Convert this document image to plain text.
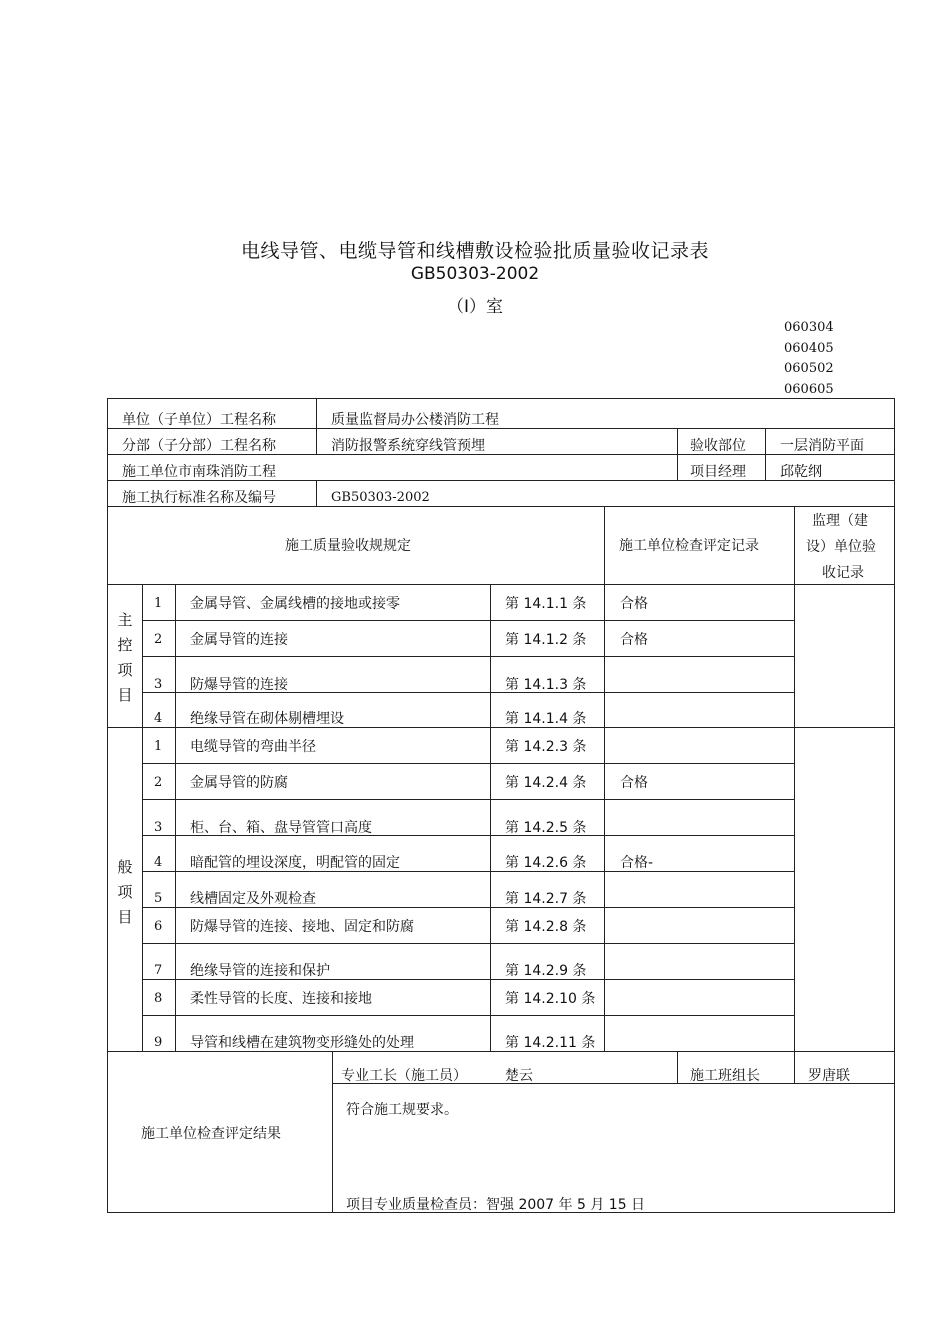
电线导管、电缆导管和线槽敷设检验批质量验收记录表
GB50303-2002
（I）室
060304
060405
060502
060605
单位（子单位）工程名称	质量监督局办公楼消防工程
分部（子分部）工程名称	消防报警系统穿线管预埋	验收部位 一层消防平面
施工单位市南珠消防工程	项目经理 邱乾纲
施工执行标准名称及编号	GB50303-2002
施工质量验收规规定	施工单位检查评定记录
监理（建
设）单位验
收记录
主
控
项
目
1 金属导管、金属线槽的接地或接零	第 14.1.1 条 合格
2 金属导管的连接	第 14.1.2 条 合格
3 防爆导管的连接	第 14.1.3 条
4 绝缘导管在砌体剔槽埋设	第 14.1.4 条
般
项
目
1 电缆导管的弯曲半径	第 14.2.3 条
2 金属导管的防腐	第 14.2.4 条 合格
3 柜、台、箱、盘导管管口高度	第 14.2.5 条
4 暗配管的埋设深度，明配管的固定	第 14.2.6 条 合格-
5 线槽固定及外观检查	第 14.2.7 条
6 防爆导管的连接、接地、固定和防腐	第 14.2.8 条
7 绝缘导管的连接和保护	第 14.2.9 条
8 柔性导管的长度、连接和接地	第 14.2.10 条
9 导管和线槽在建筑物变形缝处的处理	第 14.2.11 条
施工单位检查评定结果
专业工长（施工员）	楚云	施工班组长	罗唐联
符合施工规要求。
项目专业质量检查员：智强 2007 年 5 月 15 日
